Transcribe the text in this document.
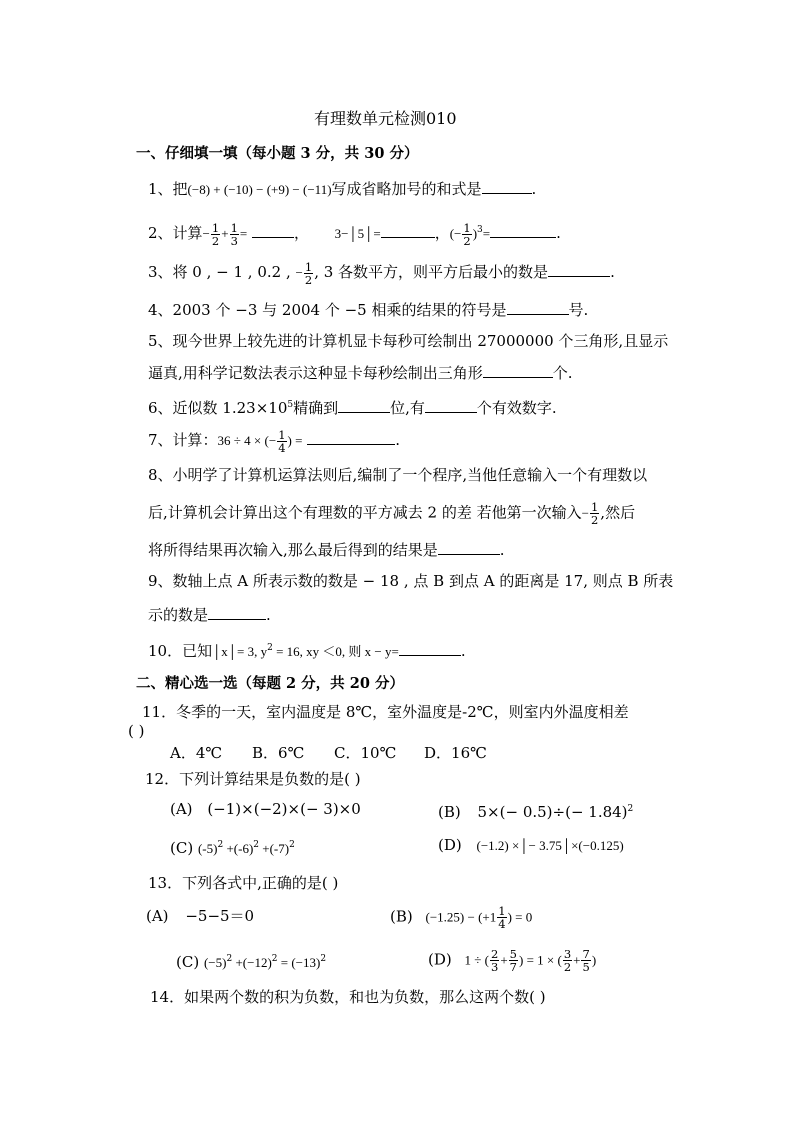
有理数单元检测010
一、仔细填一填（每小题 3 分，共 30 分）
1、把(−8) + (−10) − (+9) − (−11)写成省略加号的和式是	.
2、计算− $\frac{1}{2} + \frac{1}{3}$ =	， 3−│5│=	，(− $\frac{1}{2} )^3=$	.
3、将 0 , − 1 , 0.2 , − $\frac{1}{2}$ , 3 各数平方，则平方后最小的数是	.
4、2003 个 −3 与 2004 个 −5 相乘的结果的符号是	号.
5、现今世界上较先进的计算机显卡每秒可绘制出 27000000 个三角形,且显示
逼真,用科学记数法表示这种显卡每秒绘制出三角形	个.
6、近似数 $1.23\times 10^5$精确到	位,有	个有效数字.
7、计算：36 ÷ 4 × (− $\frac{1}{4}$ ) =	.
8、小明学了计算机运算法则后,编制了一个程序,当他任意输入一个有理数以
后,计算机会计算出这个有理数的平方减去 2 的差 若他第一次输入− $\frac{1}{2}$ ,然后
将所得结果再次输入,那么最后得到的结果是	.
9、数轴上点 A 所表示数的数是 − 18 , 点 B 到点 A 的距离是 17, 则点 B 所表
示的数是	.
10．已知│x│= 3, $y^2 = 16$, xy ＜0, 则 x − y=	.
二、精心选一选（每题 2 分，共 20 分）
11．冬季的一天，室内温度是 8℃，室外温度是-2℃，则室内外温度相差
( )
A．4℃ B．6℃ C．10℃ D．16℃
12．下列计算结果是负数的是( )
(A) (−1)×(−2)×(− 3)×0	(B) $5\times(- 0.5)\div(- 1.84)^2$
(C) $(-5)^2 +(-6)^2 +(-7)^2$	(D) (−1.2) ×│− 3.75│×(−0.125)
13．下列各式中,正确的是( )
(A) −5−5＝0	(B) $(-1.25) - (+1 \frac{1}{4}$ ) = 0
(C) $(-5)^2 +(-12)^2 = (-13)^2$	(D) 1 ÷ ( $\frac{2}{3} + \frac{5}{7}$ ) = 1 × ( $\frac{3}{2} + \frac{7}{5}$ )
14．如果两个数的积为负数，和也为负数，那么这两个数( )
